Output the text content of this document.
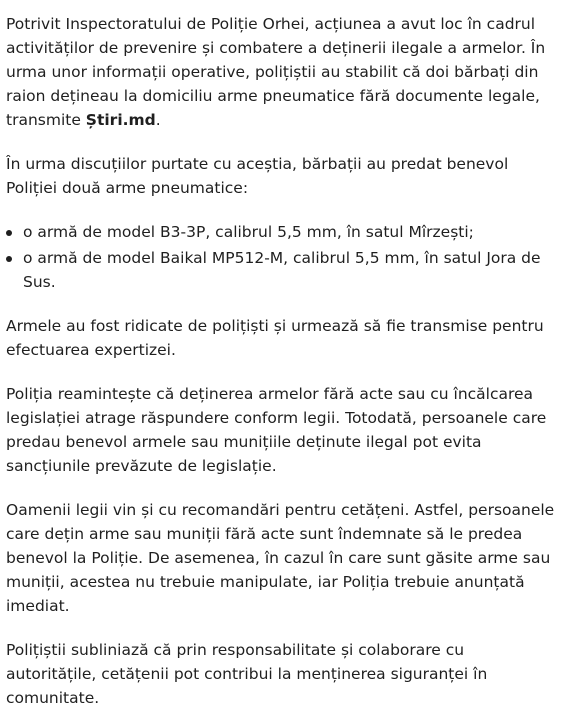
Potrivit Inspectoratului de Poliție Orhei, acțiunea a avut loc în cadrul activităților de prevenire și combatere a deținerii ilegale a armelor. În urma unor informații operative, polițiștii au stabilit că doi bărbați din raion dețineau la domiciliu arme pneumatice fără documente legale, transmite Știri.md.

În urma discuțiilor purtate cu aceștia, bărbații au predat benevol Poliției două arme pneumatice:

o armă de model B3-3P, calibrul 5,5 mm, în satul Mîrzești;
o armă de model Baikal MP512-M, calibrul 5,5 mm, în satul Jora de Sus.

Armele au fost ridicate de polițiști și urmează să fie transmise pentru efectuarea expertizei.

Poliția reamintește că deținerea armelor fără acte sau cu încălcarea legislației atrage răspundere conform legii. Totodată, persoanele care predau benevol armele sau munițiile deținute ilegal pot evita sancțiunile prevăzute de legislație.

Oamenii legii vin și cu recomandări pentru cetățeni. Astfel, persoanele care dețin arme sau muniții fără acte sunt îndemnate să le predea benevol la Poliție. De asemenea, în cazul în care sunt găsite arme sau muniții, acestea nu trebuie manipulate, iar Poliția trebuie anunțată imediat.

Polițiștii subliniază că prin responsabilitate și colaborare cu autoritățile, cetățenii pot contribui la menținerea siguranței în comunitate.
